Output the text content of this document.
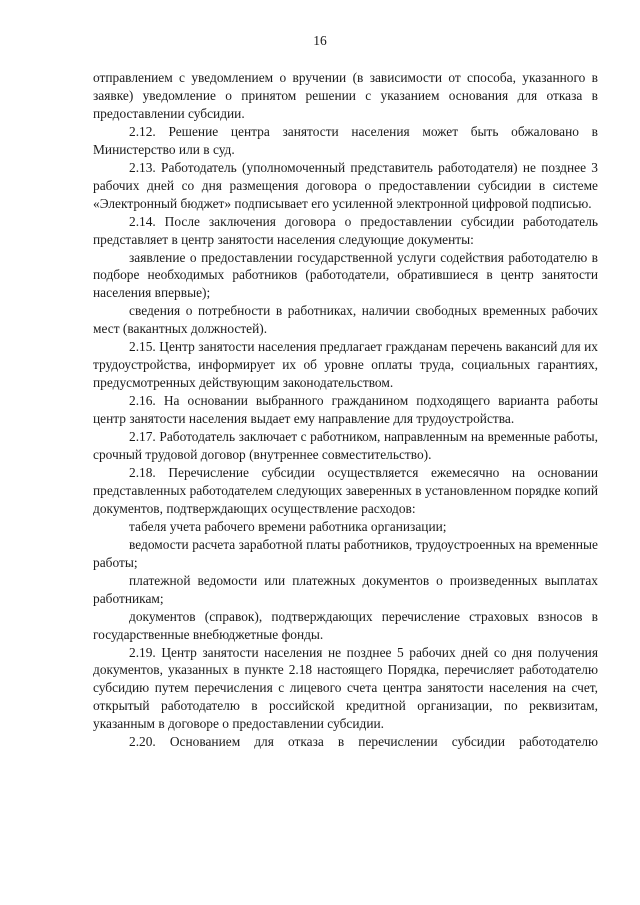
16

отправлением с уведомлением о вручении (в зависимости от способа, указанного в заявке) уведомление о принятом решении с указанием основания для отказа в предоставлении субсидии.

2.12. Решение центра занятости населения может быть обжаловано в Министерство или в суд.

2.13. Работодатель (уполномоченный представитель работодателя) не позднее 3 рабочих дней со дня размещения договора о предоставлении субсидии в системе «Электронный бюджет» подписывает его усиленной электронной цифровой подписью.

2.14. После заключения договора о предоставлении субсидии работодатель представляет в центр занятости населения следующие документы:

заявление о предоставлении государственной услуги содействия работодателю в подборе необходимых работников (работодатели, обратившиеся в центр занятости населения впервые);

сведения о потребности в работниках, наличии свободных временных рабочих мест (вакантных должностей).

2.15. Центр занятости населения предлагает гражданам перечень вакансий для их трудоустройства, информирует их об уровне оплаты труда, социальных гарантиях, предусмотренных действующим законодательством.

2.16. На основании выбранного гражданином подходящего варианта работы центр занятости населения выдает ему направление для трудоустройства.

2.17. Работодатель заключает с работником, направленным на временные работы, срочный трудовой договор (внутреннее совместительство).

2.18. Перечисление субсидии осуществляется ежемесячно на основании представленных работодателем следующих заверенных в установленном порядке копий документов, подтверждающих осуществление расходов:

табеля учета рабочего времени работника организации;

ведомости расчета заработной платы работников, трудоустроенных на временные работы;

платежной ведомости или платежных документов о произведенных выплатах работникам;

документов (справок), подтверждающих перечисление страховых взносов в государственные внебюджетные фонды.

2.19. Центр занятости населения не позднее 5 рабочих дней со дня получения документов, указанных в пункте 2.18 настоящего Порядка, перечисляет работодателю субсидию путем перечисления с лицевого счета центра занятости населения на счет, открытый работодателю в российской кредитной организации, по реквизитам, указанным в договоре о предоставлении субсидии.

2.20. Основанием для отказа в перечислении субсидии работодателю
